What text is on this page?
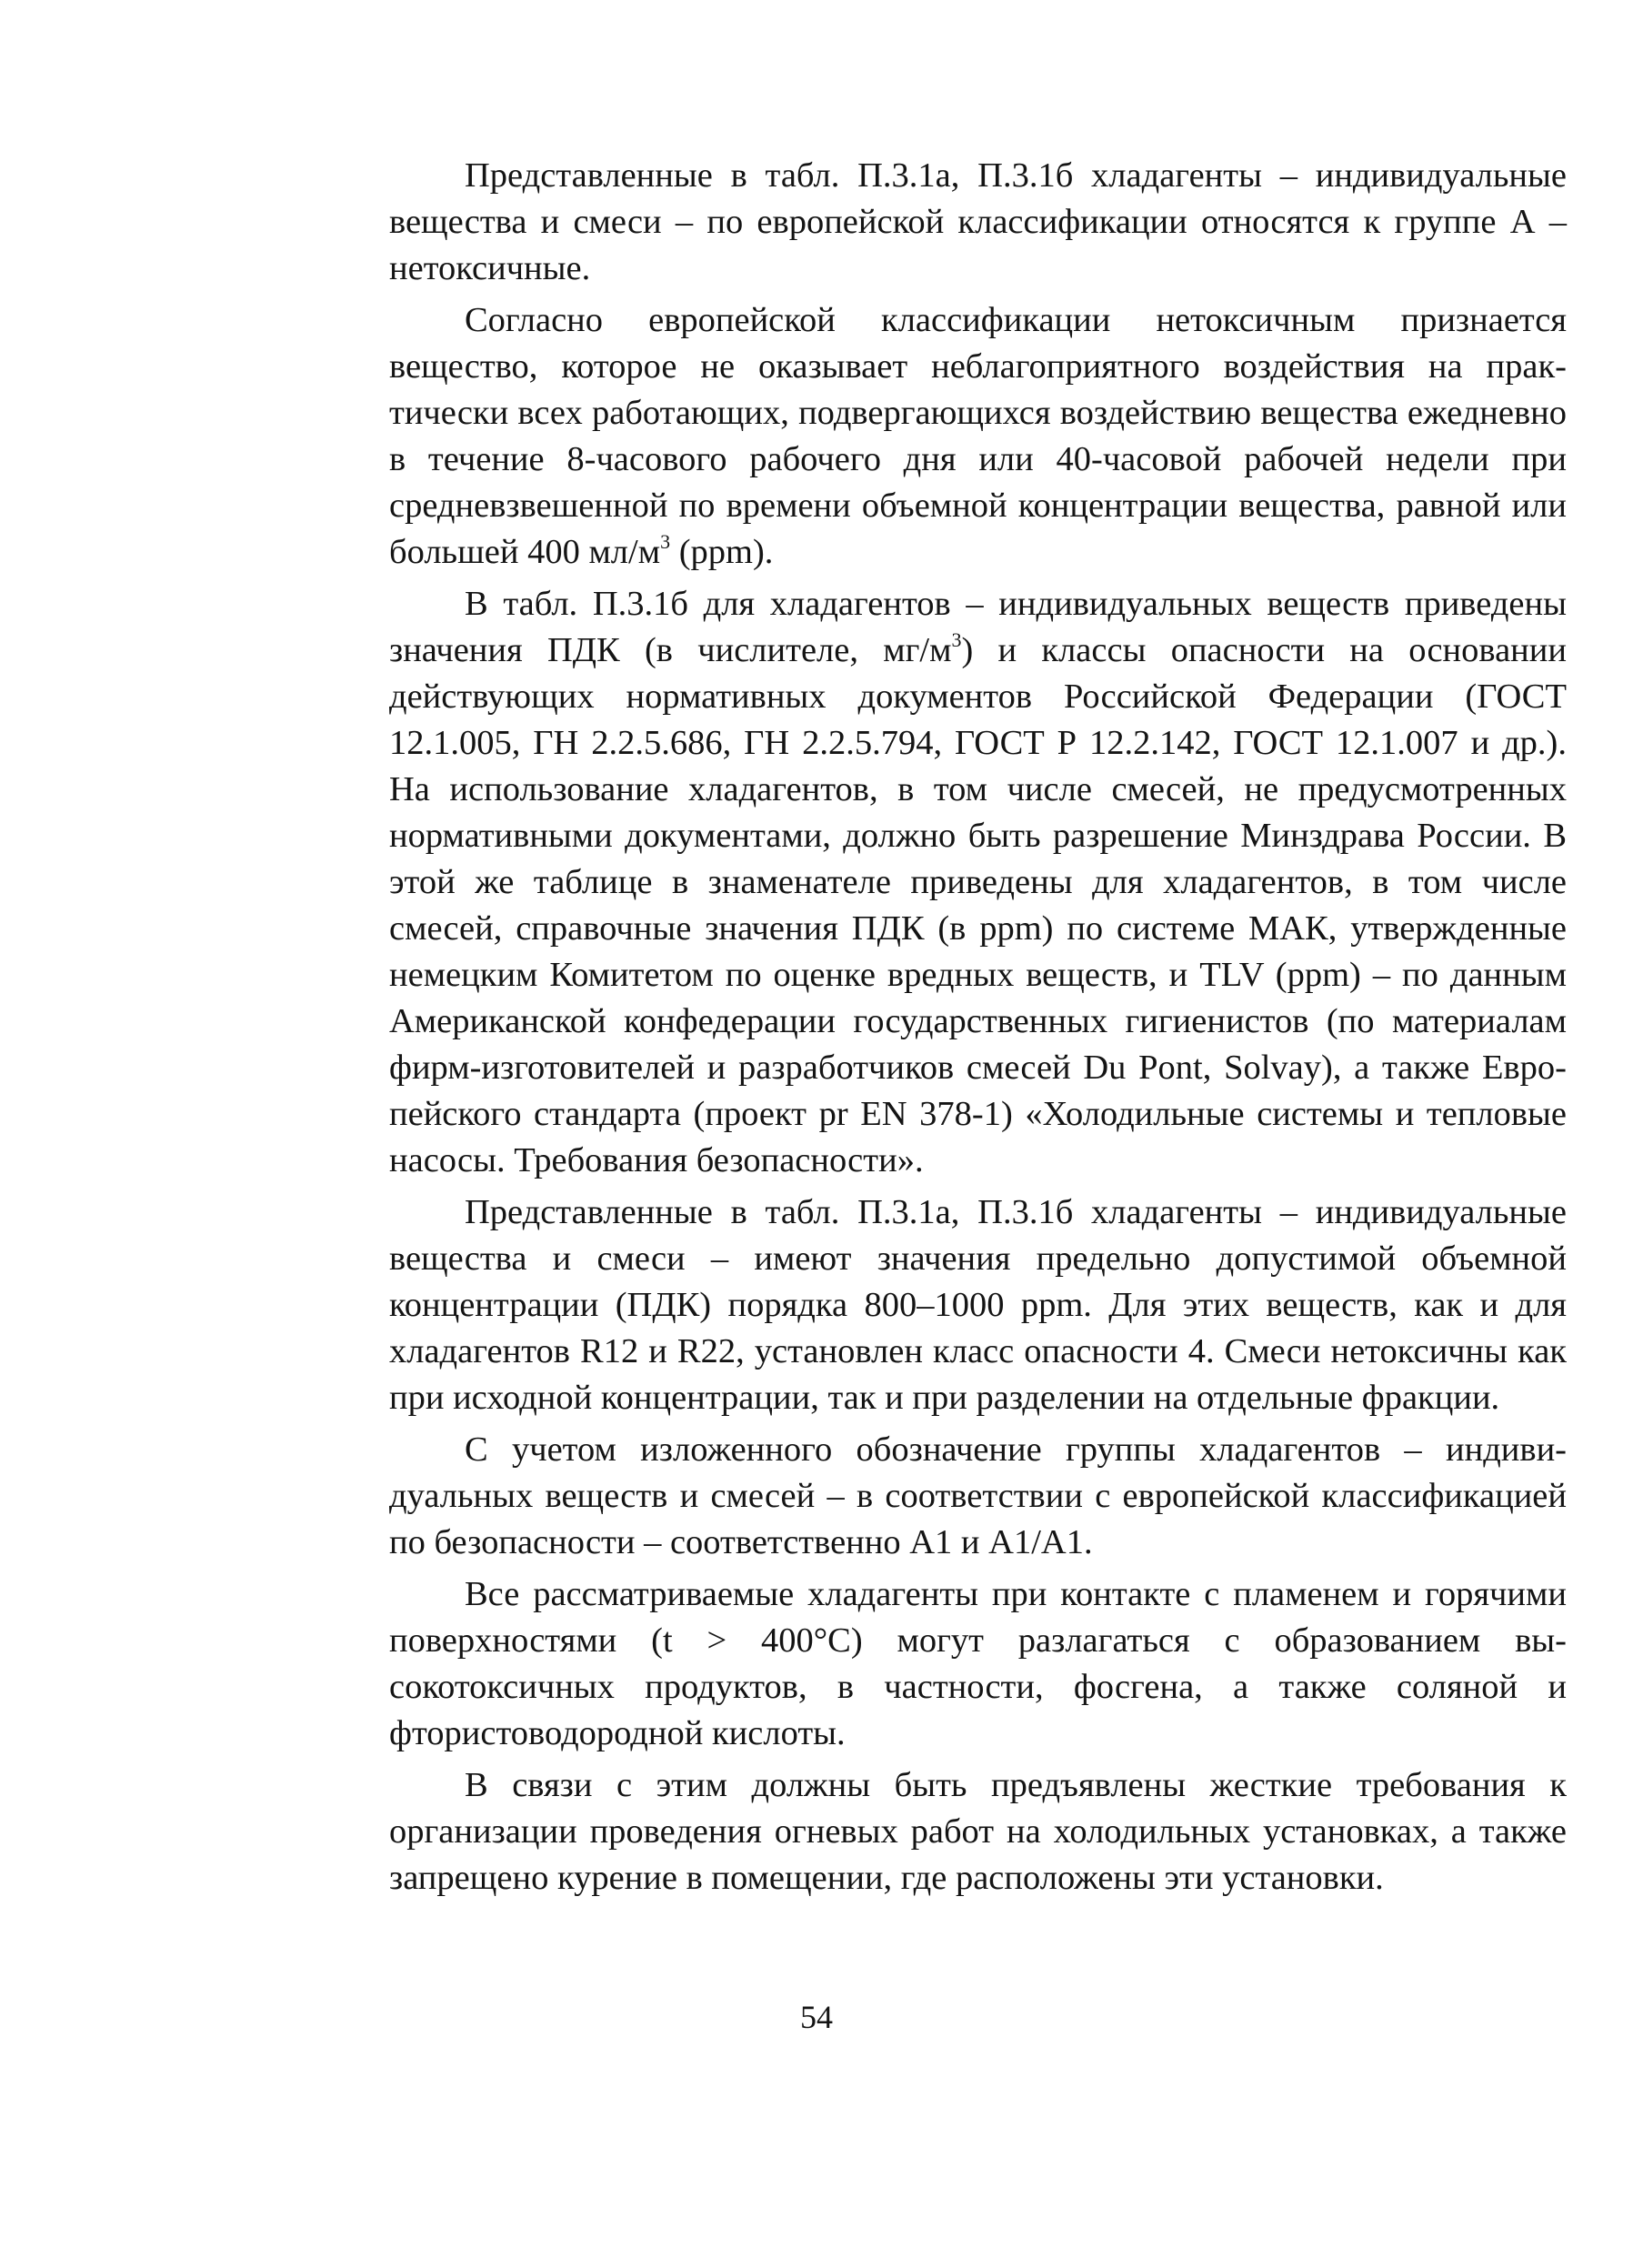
Представленные в табл. П.3.1а, П.3.1б хладагенты – индивидуальные вещества и смеси – по европейской классификации относятся к группе А – нетоксичные.

Согласно европейской классификации нетоксичным признается вещество, которое не оказывает неблагоприятного воздействия на практически всех работающих, подвергающихся воздействию вещества ежедневно в течение 8-часового рабочего дня или 40-часовой рабочей недели при средневзвешенной по времени объемной концентрации вещества, равной или большей 400 $мл/м^3$ (ppm).

В табл. П.3.1б для хладагентов – индивидуальных веществ приведены значения ПДК (в числителе, $мг/м^3$) и классы опасности на основании действующих нормативных документов Российской Федерации (ГОСТ 12.1.005, ГН 2.2.5.686, ГН 2.2.5.794, ГОСТ Р 12.2.142, ГОСТ 12.1.007 и др.). На использование хладагентов, в том числе смесей, не предусмотренных нормативными документами, должно быть разрешение Минздрава России. В этой же таблице в знаменателе приведены для хладагентов, в том числе смесей, справочные значения ПДК (в ppm) по системе МАК, утвержденные немецким Комитетом по оценке вредных веществ, и TLV (ppm) – по данным Американской конфедерации государственных гигиенистов (по материалам фирм-изготовителей и разработчиков смесей Du Pont, Solvay), а также Европейского стандарта (проект pr EN 378-1) «Холодильные системы и тепловые насосы. Требования безопасности».

Представленные в табл. П.3.1а, П.3.1б хладагенты – индивидуальные вещества и смеси – имеют значения предельно допустимой объемной концентрации (ПДК) порядка 800–1000 ppm. Для этих веществ, как и для хладагентов R12 и R22, установлен класс опасности 4. Смеси нетоксичны как при исходной концентрации, так и при разделении на отдельные фракции.

С учетом изложенного обозначение группы хладагентов – индивидуальных веществ и смесей – в соответствии с европейской классификацией по безопасности – соответственно А1 и А1/А1.

Все рассматриваемые хладагенты при контакте с пламенем и горячими поверхностями (t > 400°С) могут разлагаться с образованием высокотоксичных продуктов, в частности, фосгена, а также соляной и фтористоводородной кислоты.

В связи с этим должны быть предъявлены жесткие требования к организации проведения огневых работ на холодильных установках, а также запрещено курение в помещении, где расположены эти установки.

54
